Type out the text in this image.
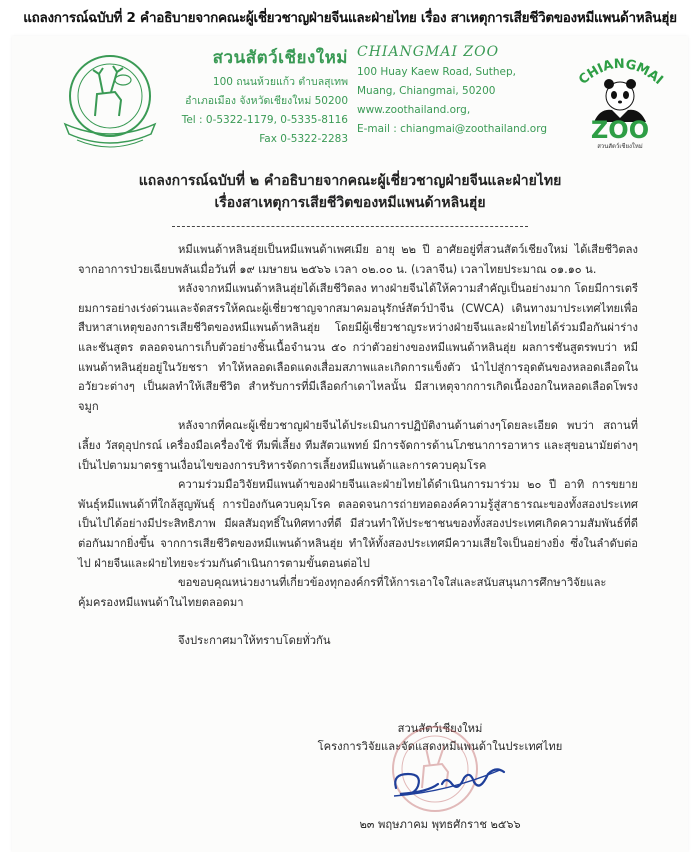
แถลงการณ์ฉบับที่ 2 คำอธิบายจากคณะผู้เชี่ยวชาญฝ่ายจีนและฝ่ายไทย เรื่อง สาเหตุการเสียชีวิตของหมีแพนด้าหลินฮุ่ย
สวนสัตว์เชียงใหม่
100 ถนนห้วยแก้ว ตำบลสุเทพ
อำเภอเมือง จังหวัดเชียงใหม่ 50200
Tel : 0-5322-1179, 0-5335-8116
Fax 0-5322-2283
CHIANGMAI ZOO
100 Huay Kaew Road, Suthep,
Muang, Chiangmai, 50200
www.zoothailand.org,
E-mail : chiangmai@zoothailand.org
CHIANGMAI
ZOO
สวนสัตว์เชียงใหม่
แถลงการณ์ฉบับที่ ๒ คำอธิบายจากคณะผู้เชี่ยวชาญฝ่ายจีนและฝ่ายไทย
เรื่องสาเหตุการเสียชีวิตของหมีแพนด้าหลินฮุ่ย

หมีแพนด้าหลินฮุ่ยเป็นหมีแพนด้าเพศเมีย อายุ ๒๒ ปี อาศัยอยู่ที่สวนสัตว์เชียงใหม่ ได้เสียชีวิตลงจากอาการป่วยเฉียบพลันเมื่อวันที่ ๑๙ เมษายน ๒๕๖๖ เวลา ๐๒.๐๐ น. (เวลาจีน) เวลาไทยประมาณ ๐๑.๑๐ น.

หลังจากหมีแพนด้าหลินฮุ่ยได้เสียชีวิตลง ทางฝ่ายจีนได้ให้ความสำคัญเป็นอย่างมาก โดยมีการเตรียมการอย่างเร่งด่วนและจัดสรรให้คณะผู้เชี่ยวชาญจากสมาคมอนุรักษ์สัตว์ป่าจีน (CWCA) เดินทางมาประเทศไทยเพื่อสืบหาสาเหตุของการเสียชีวิตของหมีแพนด้าหลินฮุ่ย โดยมีผู้เชี่ยวชาญระหว่างฝ่ายจีนและฝ่ายไทยได้ร่วมมือกันผ่าร่างและชันสูตร ตลอดจนการเก็บตัวอย่างชิ้นเนื้อจำนวน ๕๐ กว่าตัวอย่างของหมีแพนด้าหลินฮุ่ย ผลการชันสูตรพบว่า หมีแพนด้าหลินฮุ่ยอยู่ในวัยชรา ทำให้หลอดเลือดแดงเสื่อมสภาพและเกิดการแข็งตัว นำไปสู่การอุดตันของหลอดเลือดในอวัยวะต่างๆ เป็นผลทำให้เสียชีวิต สำหรับการที่มีเลือดกำเดาไหลนั้น มีสาเหตุจากการเกิดเนื้องอกในหลอดเลือดโพรงจมูก

หลังจากที่คณะผู้เชี่ยวชาญฝ่ายจีนได้ประเมินการปฏิบัติงานด้านต่างๆโดยละเอียด พบว่า สถานที่เลี้ยง วัสดุอุปกรณ์ เครื่องมือเครื่องใช้ ทีมพี่เลี้ยง ทีมสัตวแพทย์ มีการจัดการด้านโภชนาการอาหาร และสุขอนามัยต่างๆเป็นไปตามมาตรฐานเงื่อนไขของการบริหารจัดการเลี้ยงหมีแพนด้าและการควบคุมโรค

ความร่วมมือวิจัยหมีแพนด้าของฝ่ายจีนและฝ่ายไทยได้ดำเนินการมาร่วม ๒๐ ปี อาทิ การขยายพันธุ์หมีแพนด้าที่ใกล้สูญพันธุ์ การป้องกันควบคุมโรค ตลอดจนการถ่ายทอดองค์ความรู้สู่สาธารณะของทั้งสองประเทศเป็นไปได้อย่างมีประสิทธิภาพ มีผลสัมฤทธิ์ในทิศทางที่ดี มีส่วนทำให้ประชาชนของทั้งสองประเทศเกิดความสัมพันธ์ที่ดีต่อกันมากยิ่งขึ้น จากการเสียชีวิตของหมีแพนด้าหลินฮุ่ย ทำให้ทั้งสองประเทศมีความเสียใจเป็นอย่างยิ่ง ซึ่งในลำดับต่อไป ฝ่ายจีนและฝ่ายไทยจะร่วมกันดำเนินการตามขั้นตอนต่อไป

ขอขอบคุณหน่วยงานที่เกี่ยวข้องทุกองค์กรที่ให้การเอาใจใส่และสนับสนุนการศึกษาวิจัยและคุ้มครองหมีแพนด้าในไทยตลอดมา

จึงประกาศมาให้ทราบโดยทั่วกัน

สวนสัตว์เชียงใหม่
โครงการวิจัยและจัดแสดงหมีแพนด้าในประเทศไทย
๒๓ พฤษภาคม พุทธศักราช ๒๕๖๖
